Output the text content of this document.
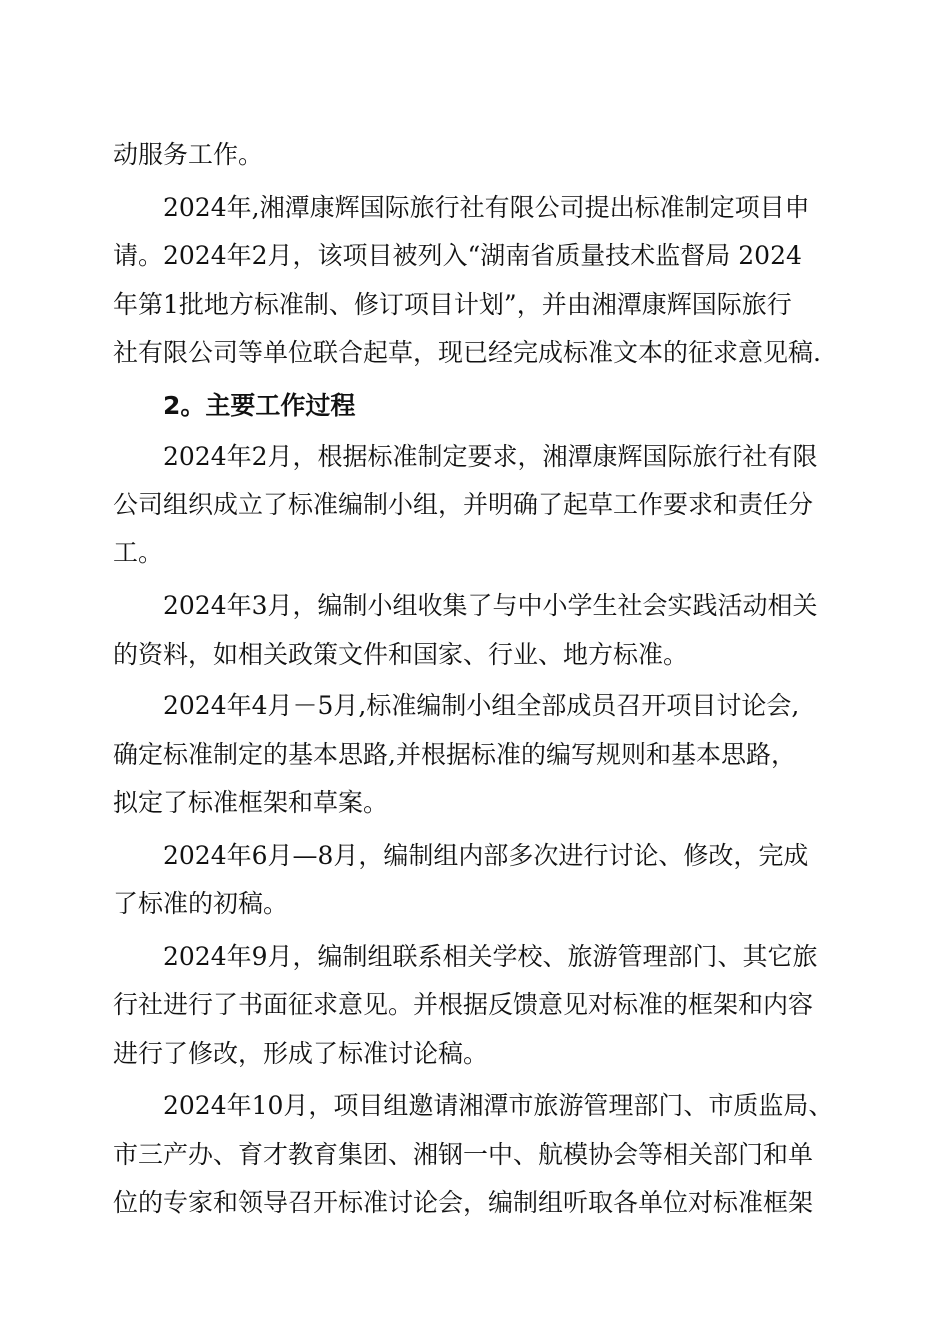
动服务工作。

2024年,湘潭康辉国际旅行社有限公司提出标准制定项目申

请。2024年2月，该项目被列入“湖南省质量技术监督局 2024

年第1批地方标准制、修订项目计划”，并由湘潭康辉国际旅行

社有限公司等单位联合起草，现已经完成标准文本的征求意见稿.

2。主要工作过程

2024年2月，根据标准制定要求，湘潭康辉国际旅行社有限

公司组织成立了标准编制小组，并明确了起草工作要求和责任分

工。

2024年3月，编制小组收集了与中小学生社会实践活动相关

的资料，如相关政策文件和国家、行业、地方标准。

2024年4月－5月,标准编制小组全部成员召开项目讨论会,

确定标准制定的基本思路,并根据标准的编写规则和基本思路，

拟定了标准框架和草案。

2024年6月—8月，编制组内部多次进行讨论、修改，完成

了标准的初稿。

2024年9月，编制组联系相关学校、旅游管理部门、其它旅

行社进行了书面征求意见。并根据反馈意见对标准的框架和内容

进行了修改，形成了标准讨论稿。

2024年10月，项目组邀请湘潭市旅游管理部门、市质监局、

市三产办、育才教育集团、湘钢一中、航模协会等相关部门和单

位的专家和领导召开标准讨论会，编制组听取各单位对标准框架
